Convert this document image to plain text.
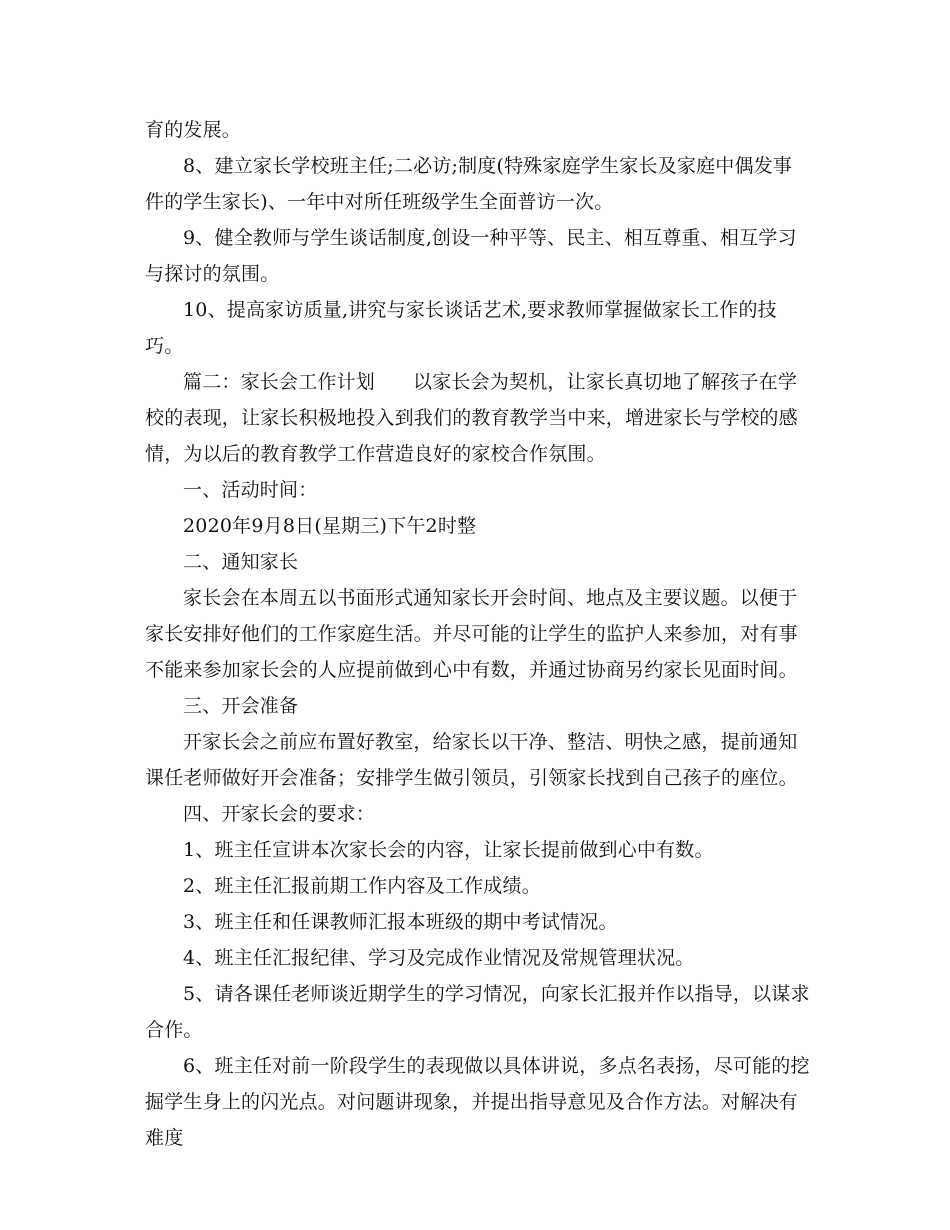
育的发展。

8、建立家长学校班主任;二必访;制度(特殊家庭学生家长及家庭中偶发事件的学生家长)、一年中对所任班级学生全面普访一次。

9、健全教师与学生谈话制度,创设一种平等、民主、相互尊重、相互学习与探讨的氛围。

10、提高家访质量,讲究与家长谈话艺术,要求教师掌握做家长工作的技巧。

篇二：家长会工作计划 以家长会为契机，让家长真切地了解孩子在学校的表现，让家长积极地投入到我们的教育教学当中来，增进家长与学校的感情，为以后的教育教学工作营造良好的家校合作氛围。

一、活动时间：

2020年9月8日(星期三)下午2时整

二、通知家长

家长会在本周五以书面形式通知家长开会时间、地点及主要议题。以便于家长安排好他们的工作家庭生活。并尽可能的让学生的监护人来参加，对有事不能来参加家长会的人应提前做到心中有数，并通过协商另约家长见面时间。

三、开会准备

开家长会之前应布置好教室，给家长以干净、整洁、明快之感，提前通知课任老师做好开会准备；安排学生做引领员，引领家长找到自己孩子的座位。

四、开家长会的要求：

1、班主任宣讲本次家长会的内容，让家长提前做到心中有数。

2、班主任汇报前期工作内容及工作成绩。

3、班主任和任课教师汇报本班级的期中考试情况。

4、班主任汇报纪律、学习及完成作业情况及常规管理状况。

5、请各课任老师谈近期学生的学习情况，向家长汇报并作以指导，以谋求合作。

6、班主任对前一阶段学生的表现做以具体讲说，多点名表扬，尽可能的挖掘学生身上的闪光点。对问题讲现象，并提出指导意见及合作方法。对解决有难度
